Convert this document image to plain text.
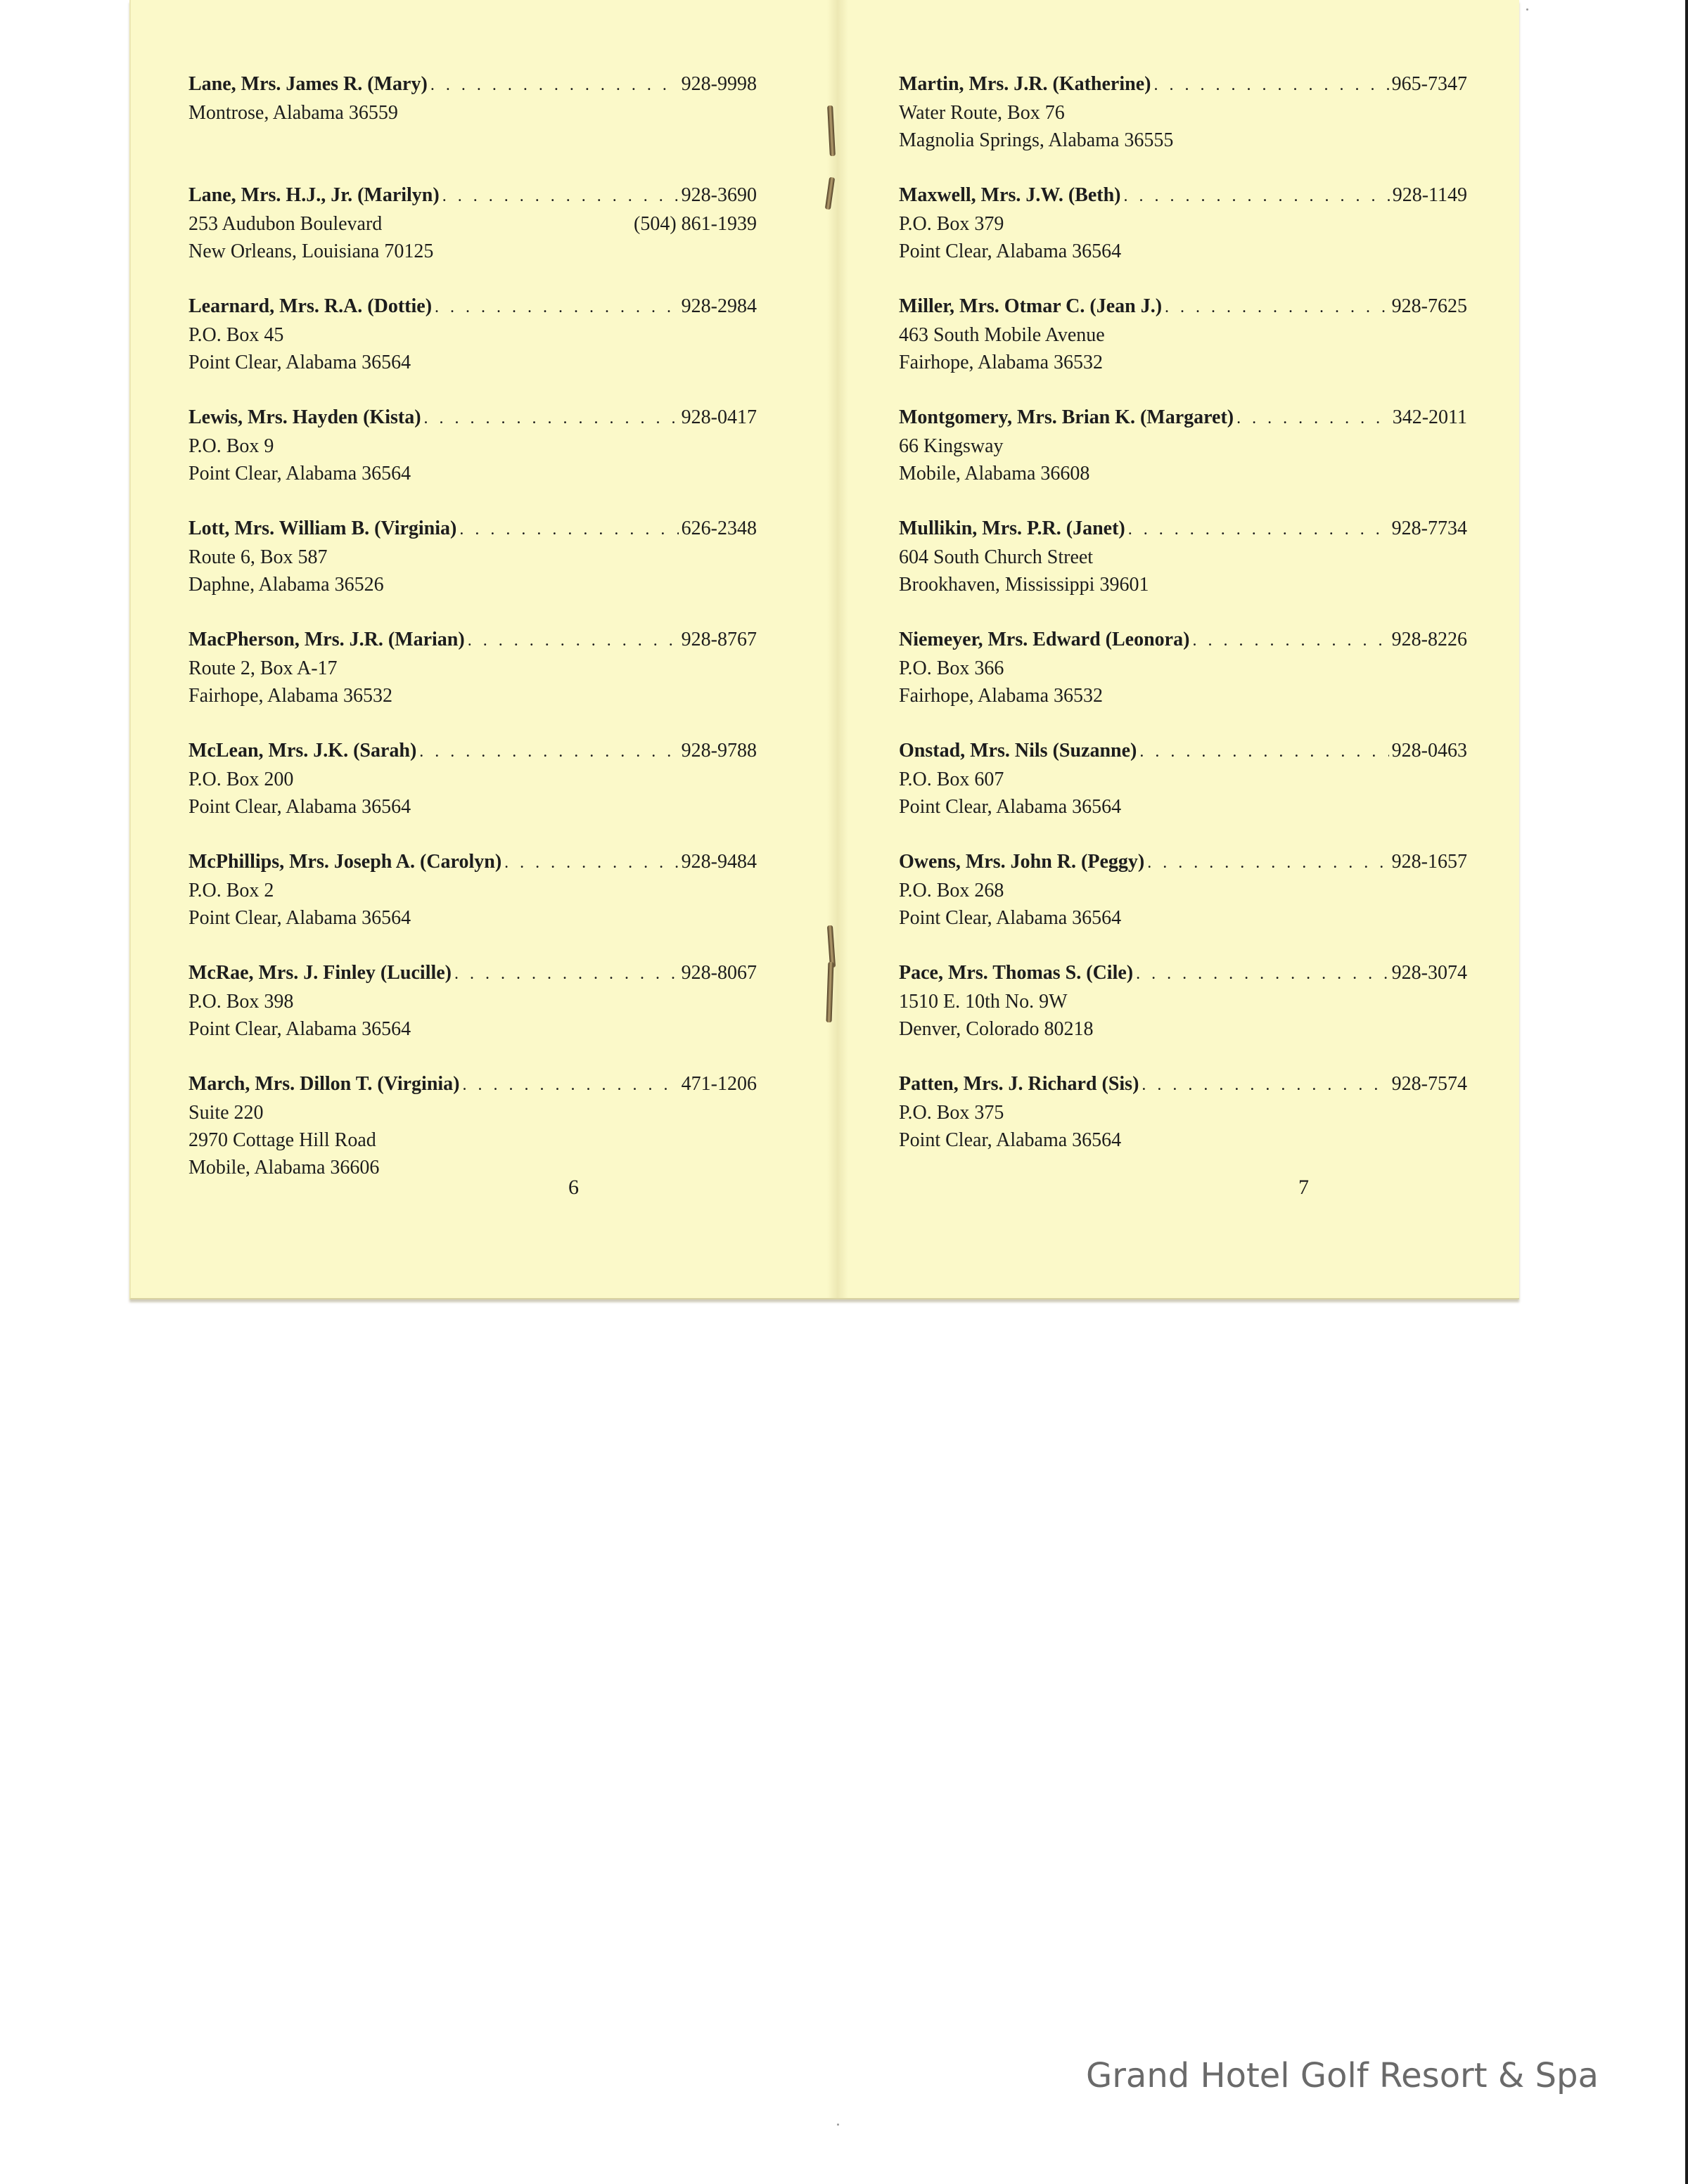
Lane, Mrs. James R. (Mary) . . .	928-9998
Montrose, Alabama 36559
Lane, Mrs. H.J., Jr. (Marilyn) . . .	928-3690
253 Audubon Boulevard	(504) 861-1939
New Orleans, Louisiana 70125
Learnard, Mrs. R.A. (Dottie) . . .	928-2984
P.O. Box 45
Point Clear, Alabama 36564
Lewis, Mrs. Hayden (Kista) . . .	928-0417
P.O. Box 9
Point Clear, Alabama 36564
Lott, Mrs. William B. (Virginia) . . .	626-2348
Route 6, Box 587
Daphne, Alabama 36526
MacPherson, Mrs. J.R. (Marian) . . .	928-8767
Route 2, Box A-17
Fairhope, Alabama 36532
McLean, Mrs. J.K. (Sarah) . . .	928-9788
P.O. Box 200
Point Clear, Alabama 36564
McPhillips, Mrs. Joseph A. (Carolyn) . . .	928-9484
P.O. Box 2
Point Clear, Alabama 36564
McRae, Mrs. J. Finley (Lucille) . . .	928-8067
P.O. Box 398
Point Clear, Alabama 36564
March, Mrs. Dillon T. (Virginia) . . .	471-1206
Suite 220
2970 Cottage Hill Road
Mobile, Alabama 36606
Martin, Mrs. J.R. (Katherine) . . .	965-7347
Water Route, Box 76
Magnolia Springs, Alabama 36555
Maxwell, Mrs. J.W. (Beth) . . .	928-1149
P.O. Box 379
Point Clear, Alabama 36564
Miller, Mrs. Otmar C. (Jean J.) . . .	928-7625
463 South Mobile Avenue
Fairhope, Alabama 36532
Montgomery, Mrs. Brian K. (Margaret) . . .	342-2011
66 Kingsway
Mobile, Alabama 36608
Mullikin, Mrs. P.R. (Janet) . . .	928-7734
604 South Church Street
Brookhaven, Mississippi 39601
Niemeyer, Mrs. Edward (Leonora) . . .	928-8226
P.O. Box 366
Fairhope, Alabama 36532
Onstad, Mrs. Nils (Suzanne) . . .	928-0463
P.O. Box 607
Point Clear, Alabama 36564
Owens, Mrs. John R. (Peggy) . . .	928-1657
P.O. Box 268
Point Clear, Alabama 36564
Pace, Mrs. Thomas S. (Cile) . . .	928-3074
1510 E. 10th No. 9W
Denver, Colorado 80218
Patten, Mrs. J. Richard (Sis) . . .	928-7574
P.O. Box 375
Point Clear, Alabama 36564
6	7
Grand Hotel Golf Resort & Spa
